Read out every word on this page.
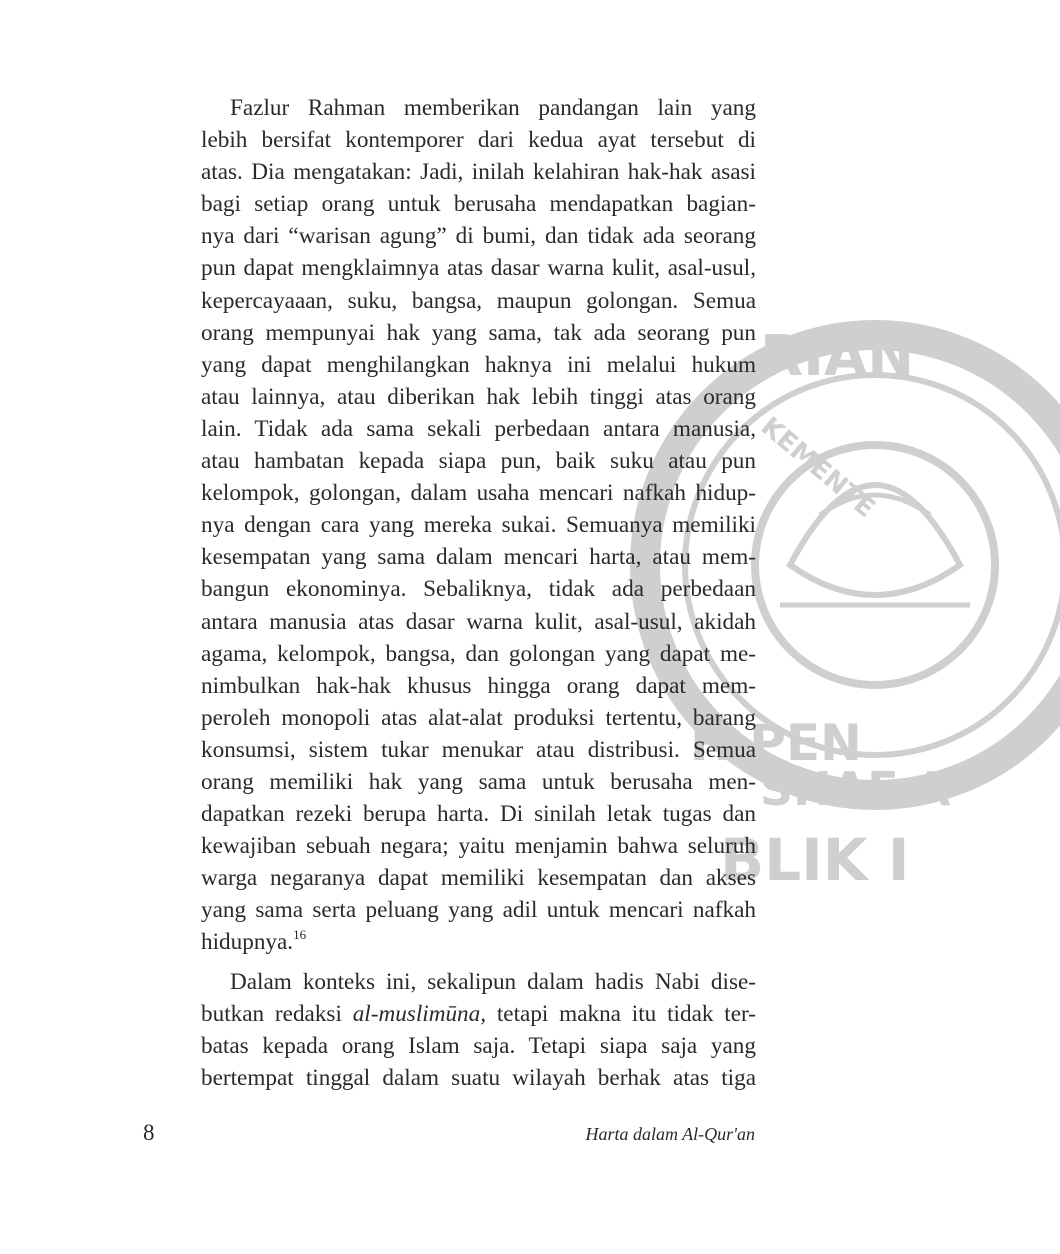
RIAN
H PEN
SHAF A
BLIK I
KEMENTE

Fazlur Rahman memberikan pandangan lain yang
lebih bersifat kontemporer dari kedua ayat tersebut di
atas. Dia mengatakan: Jadi, inilah kelahiran hak-hak asasi
bagi setiap orang untuk berusaha mendapatkan bagian-
nya dari “warisan agung” di bumi, dan tidak ada seorang
pun dapat mengklaimnya atas dasar warna kulit, asal-usul,
kepercayaaan, suku, bangsa, maupun golongan. Semua
orang mempunyai hak yang sama, tak ada seorang pun
yang dapat menghilangkan haknya ini melalui hukum
atau lainnya, atau diberikan hak lebih tinggi atas orang
lain. Tidak ada sama sekali perbedaan antara manusia,
atau hambatan kepada siapa pun, baik suku atau pun
kelompok, golongan, dalam usaha mencari nafkah hidup-
nya dengan cara yang mereka sukai. Semuanya memiliki
kesempatan yang sama dalam mencari harta, atau mem-
bangun ekonominya. Sebaliknya, tidak ada perbedaan
antara manusia atas dasar warna kulit, asal-usul, akidah
agama, kelompok, bangsa, dan golongan yang dapat me-
nimbulkan hak-hak khusus hingga orang dapat mem-
peroleh monopoli atas alat-alat produksi tertentu, barang
konsumsi, sistem tukar menukar atau distribusi. Semua
orang memiliki hak yang sama untuk berusaha men-
dapatkan rezeki berupa harta. Di sinilah letak tugas dan
kewajiban sebuah negara; yaitu menjamin bahwa seluruh
warga negaranya dapat memiliki kesempatan dan akses
yang sama serta peluang yang adil untuk mencari nafkah
hidupnya.$^{16}$

Dalam konteks ini, sekalipun dalam hadis Nabi dise-
butkan redaksi al-muslimūna, tetapi makna itu tidak ter-
batas kepada orang Islam saja. Tetapi siapa saja yang
bertempat tinggal dalam suatu wilayah berhak atas tiga

8	Harta dalam Al-Qur'an
